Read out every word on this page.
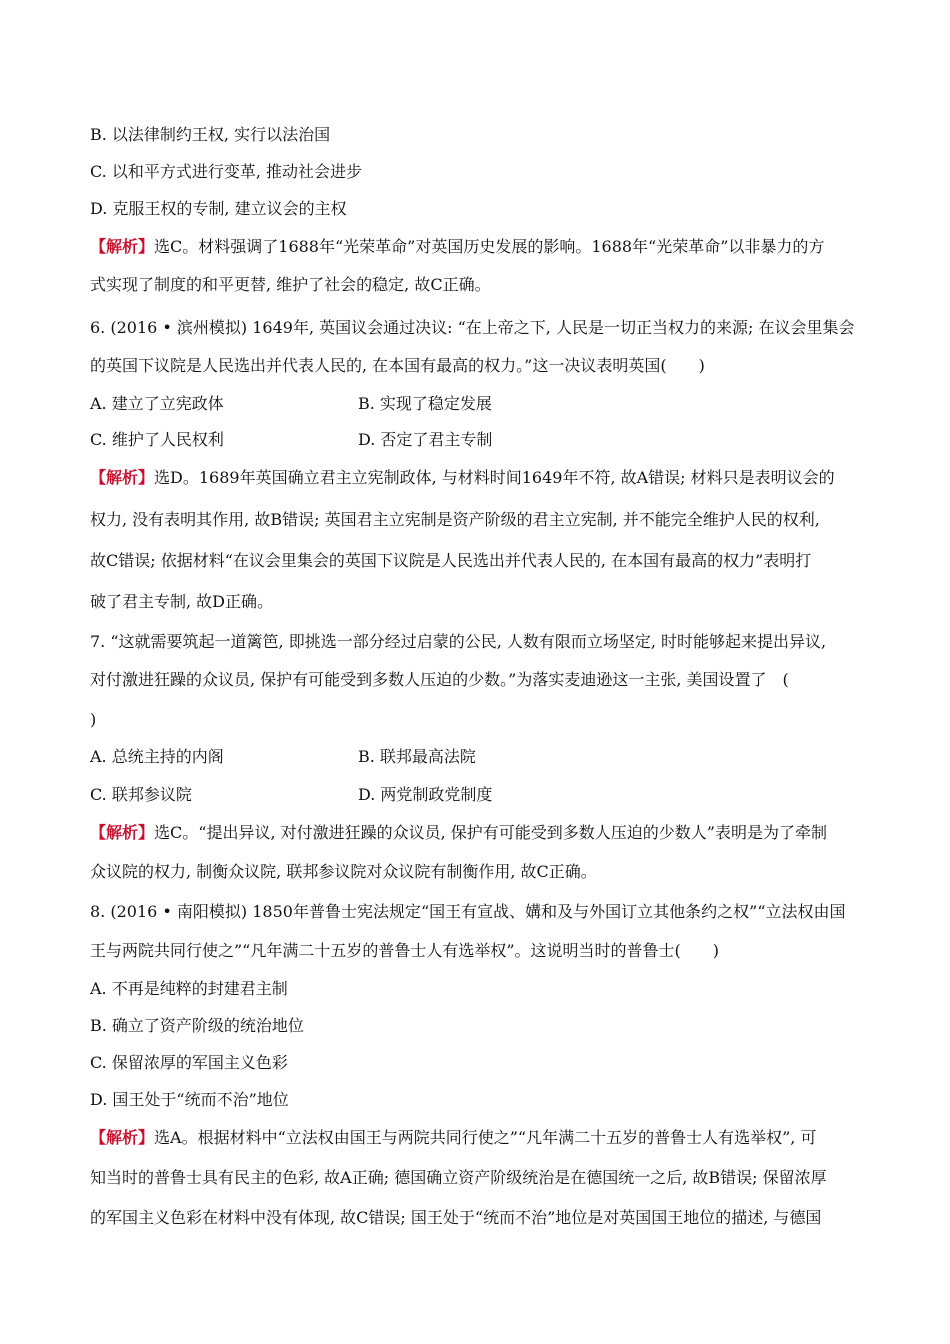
B. 以法律制约王权, 实行以法治国
C. 以和平方式进行变革, 推动社会进步
D. 克服王权的专制, 建立议会的主权
【解析】选C。材料强调了1688年“光荣革命”对英国历史发展的影响。1688年“光荣革命”以非暴力的方
式实现了制度的和平更替, 维护了社会的稳定, 故C正确。
6. (2016 • 滨州模拟) 1649年, 英国议会通过决议: “在上帝之下, 人民是一切正当权力的来源; 在议会里集会
的英国下议院是人民选出并代表人民的, 在本国有最高的权力。”这一决议表明英国(　　)
A. 建立了立宪政体	B. 实现了稳定发展
C. 维护了人民权利	D. 否定了君主专制
【解析】选D。1689年英国确立君主立宪制政体, 与材料时间1649年不符, 故A错误; 材料只是表明议会的
权力, 没有表明其作用, 故B错误; 英国君主立宪制是资产阶级的君主立宪制, 并不能完全维护人民的权利,
故C错误; 依据材料“在议会里集会的英国下议院是人民选出并代表人民的, 在本国有最高的权力”表明打
破了君主专制, 故D正确。
7. “这就需要筑起一道篱笆, 即挑选一部分经过启蒙的公民, 人数有限而立场坚定, 时时能够起来提出异议,
对付激进狂躁的众议员, 保护有可能受到多数人压迫的少数。”为落实麦迪逊这一主张, 美国设置了　(
)
A. 总统主持的内阁	B. 联邦最高法院
C. 联邦参议院	D. 两党制政党制度
【解析】选C。“提出异议, 对付激进狂躁的众议员, 保护有可能受到多数人压迫的少数人”表明是为了牵制
众议院的权力, 制衡众议院, 联邦参议院对众议院有制衡作用, 故C正确。
8. (2016 • 南阳模拟) 1850年普鲁士宪法规定“国王有宣战、媾和及与外国订立其他条约之权”“立法权由国
王与两院共同行使之”“凡年满二十五岁的普鲁士人有选举权”。这说明当时的普鲁士(　　)
A. 不再是纯粹的封建君主制
B. 确立了资产阶级的统治地位
C. 保留浓厚的军国主义色彩
D. 国王处于“统而不治”地位
【解析】选A。根据材料中“立法权由国王与两院共同行使之”“凡年满二十五岁的普鲁士人有选举权”, 可
知当时的普鲁士具有民主的色彩, 故A正确; 德国确立资产阶级统治是在德国统一之后, 故B错误; 保留浓厚
的军国主义色彩在材料中没有体现, 故C错误; 国王处于“统而不治”地位是对英国国王地位的描述, 与德国
